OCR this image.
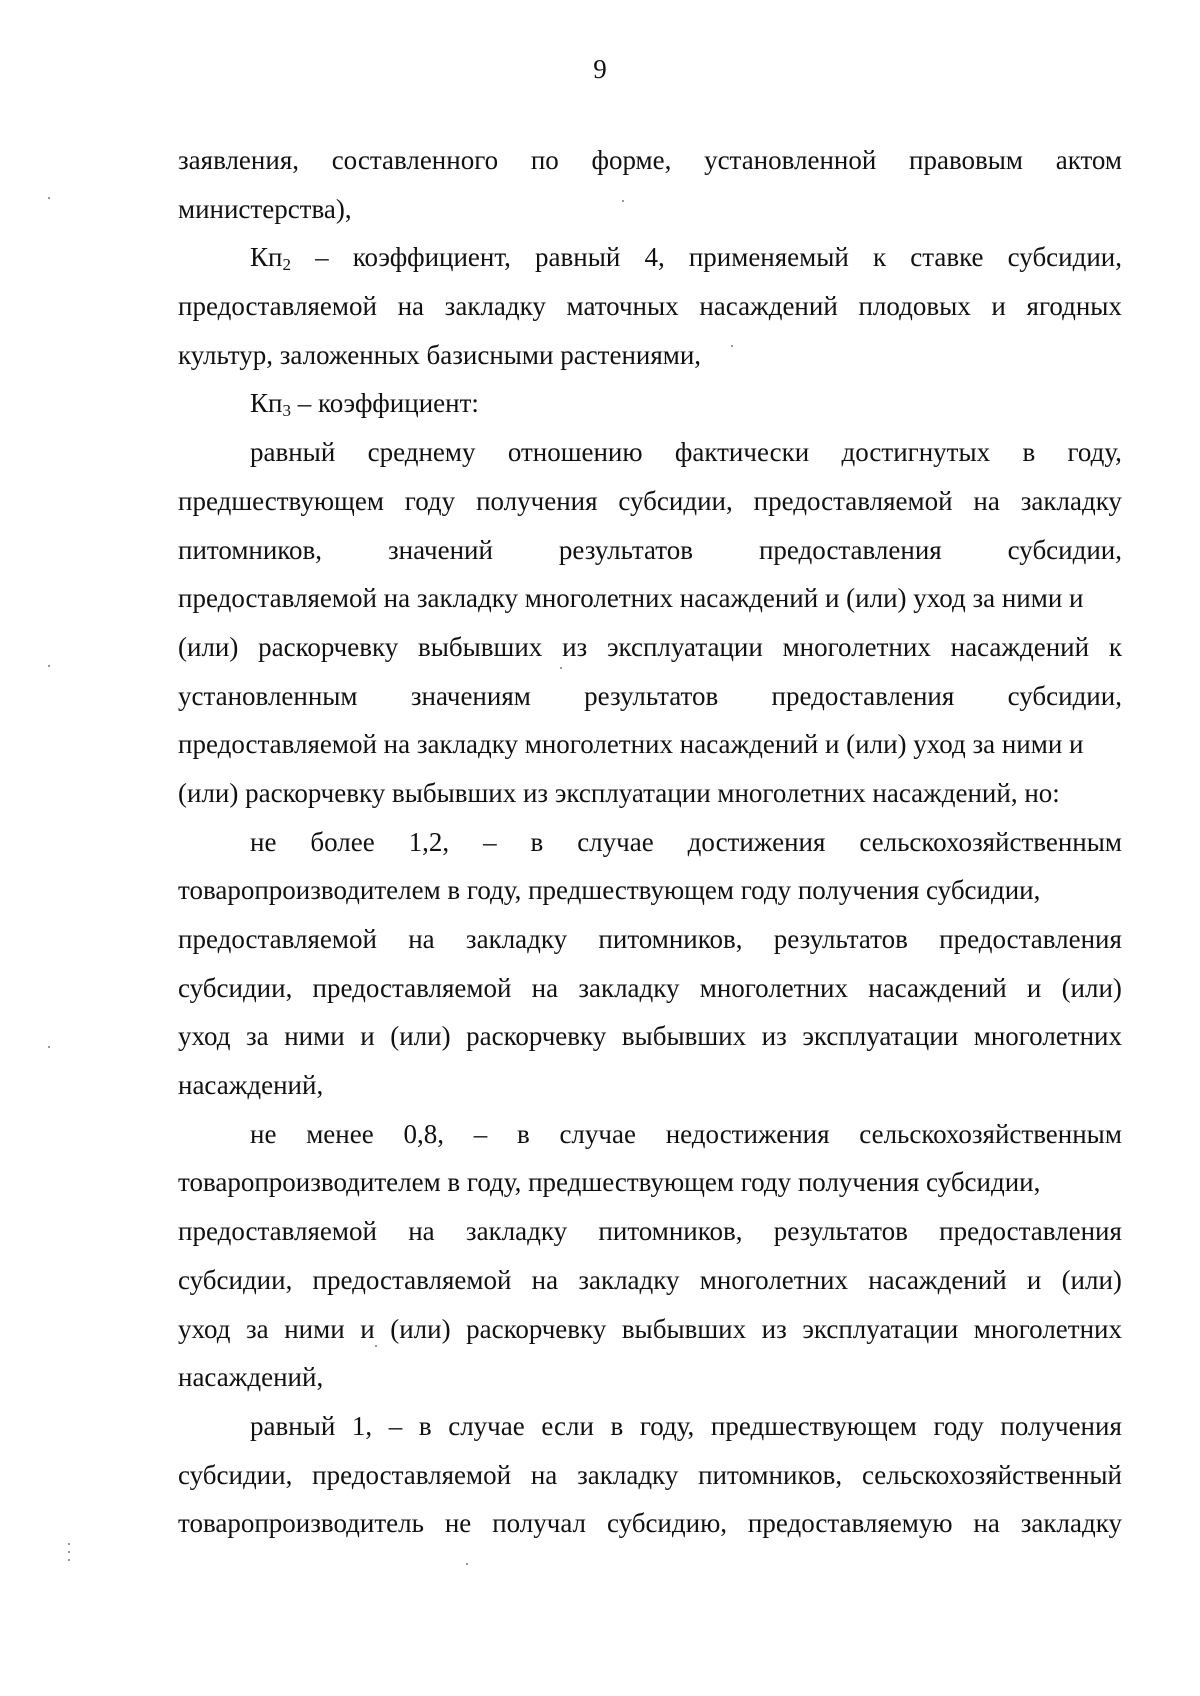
9
заявления, составленного по форме, установленной правовым актом
министерства),
$Кп_2$ – коэффициент, равный 4, применяемый к ставке субсидии,
предоставляемой на закладку маточных насаждений плодовых и ягодных
культур, заложенных базисными растениями,
$Кп_3$ – коэффициент:
равный среднему отношению фактически достигнутых в году,
предшествующем году получения субсидии, предоставляемой на закладку
питомников, значений результатов предоставления субсидии,
предоставляемой на закладку многолетних насаждений и (или) уход за ними и
(или) раскорчевку выбывших из эксплуатации многолетних насаждений к
установленным значениям результатов предоставления субсидии,
предоставляемой на закладку многолетних насаждений и (или) уход за ними и
(или) раскорчевку выбывших из эксплуатации многолетних насаждений, но:
не более 1,2, – в случае достижения сельскохозяйственным
товаропроизводителем в году, предшествующем году получения субсидии,
предоставляемой на закладку питомников, результатов предоставления
субсидии, предоставляемой на закладку многолетних насаждений и (или)
уход за ними и (или) раскорчевку выбывших из эксплуатации многолетних
насаждений,
не менее 0,8, – в случае недостижения сельскохозяйственным
товаропроизводителем в году, предшествующем году получения субсидии,
предоставляемой на закладку питомников, результатов предоставления
субсидии, предоставляемой на закладку многолетних насаждений и (или)
уход за ними и (или) раскорчевку выбывших из эксплуатации многолетних
насаждений,
равный 1, – в случае если в году, предшествующем году получения
субсидии, предоставляемой на закладку питомников, сельскохозяйственный
товаропроизводитель не получал субсидию, предоставляемую на закладку
